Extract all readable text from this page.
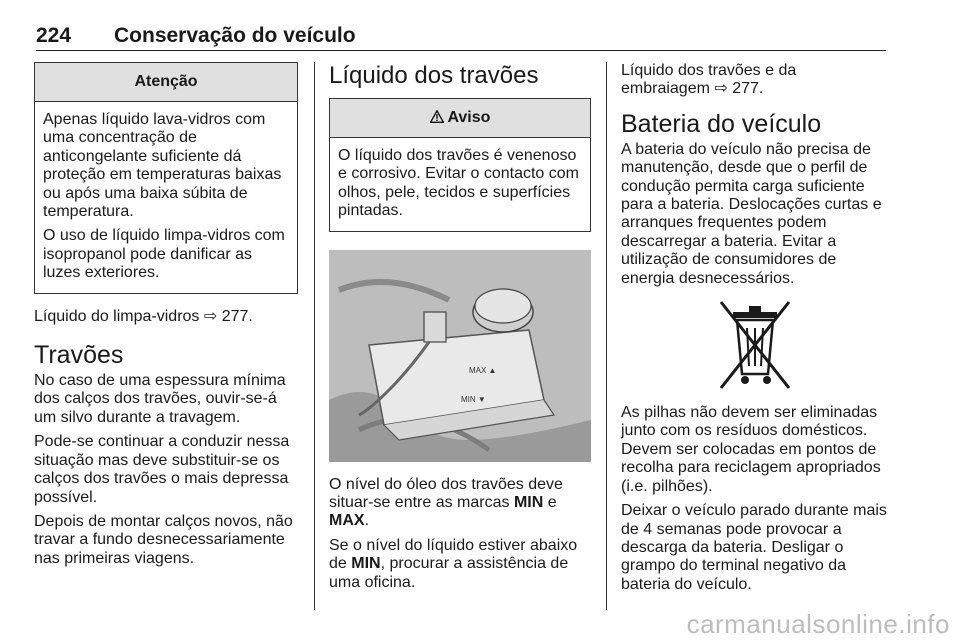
224 Conservação do veículo
Atenção

Apenas líquido lava-vidros com uma concentração de anticongelante suficiente dá proteção em temperaturas baixas ou após uma baixa súbita de temperatura.

O uso de líquido limpa-vidros com isopropanol pode danificar as luzes exteriores.

Líquido do limpa-vidros ⇨ 277.

Travões

No caso de uma espessura mínima dos calços dos travões, ouvir-se-á um silvo durante a travagem.

Pode-se continuar a conduzir nessa situação mas deve substituir-se os calços dos travões o mais depressa possível.

Depois de montar calços novos, não travar a fundo desnecessariamente nas primeiras viagens.

Líquido dos travões
Aviso

O líquido dos travões é venenoso e corrosivo. Evitar o contacto com olhos, pele, tecidos e superfícies pintadas.

MAX ▲
MIN ▼

O nível do óleo dos travões deve situar-se entre as marcas MIN e MAX.

Se o nível do líquido estiver abaixo de MIN, procurar a assistência de uma oficina.

Líquido dos travões e da embraiagem ⇨ 277.

Bateria do veículo

A bateria do veículo não precisa de manutenção, desde que o perfil de condução permita carga suficiente para a bateria. Deslocações curtas e arranques frequentes podem descarregar a bateria. Evitar a utilização de consumidores de energia desnecessários.

As pilhas não devem ser eliminadas junto com os resíduos domésticos. Devem ser colocadas em pontos de recolha para reciclagem apropriados (i.e. pilhões).

Deixar o veículo parado durante mais de 4 semanas pode provocar a descarga da bateria. Desligar o grampo do terminal negativo da bateria do veículo.

carmanualsonline.info
